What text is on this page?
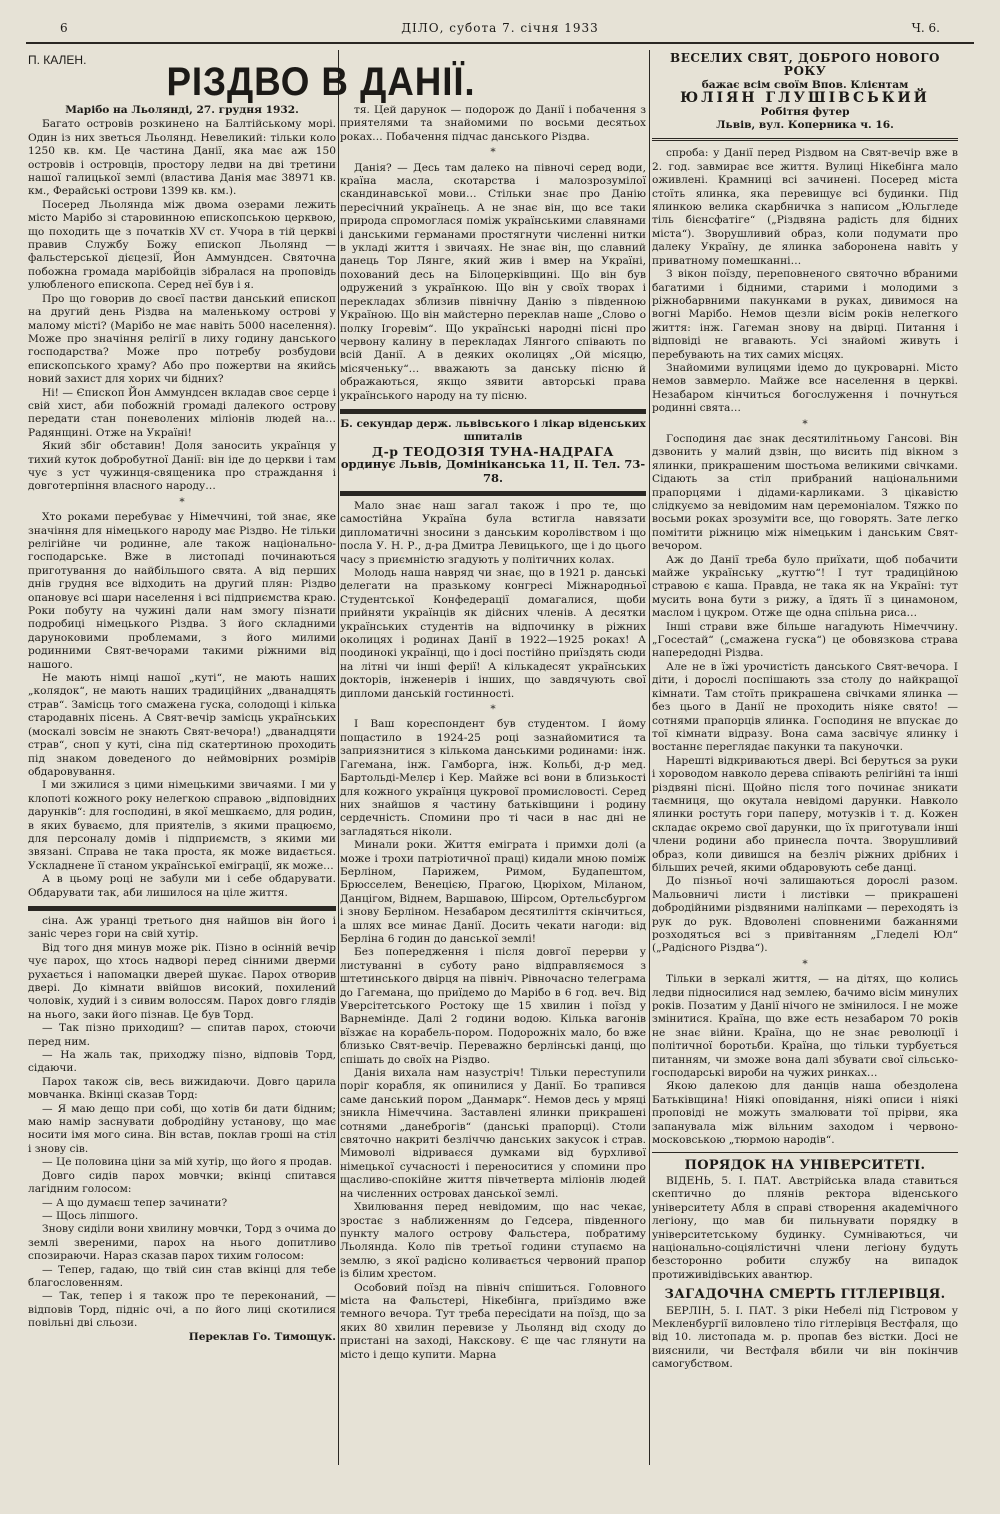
6	ДІЛО, субота 7. січня 1933	Ч. 6.
П. КАЛЕН. РІЗДВО В ДАНІЇ.

Марібо на Льолянді, 27. грудня 1932.

Багато островів розкинено на Балтійському морі. Один із них зветься Льолянд. Невеликий: тільки коло 1250 кв. км. Це частина Данії, яка має аж 150 островів і островців, простору ледви на дві третини нашої галицької землі (властива Данія має 38971 кв. км., Ферайські острови 1399 кв. км.).

Посеред Льолянда між двома озерами лежить місто Марібо зі старовинною епископською церквою, що походить ще з початків XV ст. Учора в тій церкві правив Службу Божу епископ Льолянд — фальстерської дієцезії, Йон Аммундсен. Святочна побожна громада марібойців зібралася на проповідь улюбленого епископа. Серед неї був і я.

Про що говорив до своєї пастви данський епископ на другий день Різдва на маленькому острові у малому місті? (Марібо не має навіть 5000 населення). Може про значіння релігії в лиху годину данського господарства? Може про потребу розбудови епископського храму? Або про пожертви на якийсь новий захист для хорих чи бідних?

Ні! — Єпископ Йон Аммундсен вкладав своє серце і свій хист, аби побожній громаді далекого острову передати стан поневолених міліонів людей на… Радянщині. Отже на Україні!

Який збіг обставин! Доля заносить українця у тихий куток добробутної Данії: він іде до церкви і там чує з уст чужинця-священика про страждання і довготерпіння власного народу…

*

Хто роками перебуває у Німеччині, той знає, яке значіння для німецького народу має Різдво. Не тільки релігійне чи родинне, але також національно-господарське. Вже в листопаді починаються приготування до найбільшого свята. А від перших днів грудня все відходить на другий плян: Різдво опановує всі шари населення і всі підприємства краю. Роки побуту на чужині дали нам змогу пізнати подробиці німецького Різдва. З його складними даруноковими проблемами, з його милими родинними Свят-вечорами такими ріжними від нашого.

Не мають німці нашої „куті“, не мають наших „колядок“, не мають наших традиційних „дванадцять страв“. Замісць того смажена гуска, солодощі і кілька стародавніх пісень. А Свят-вечір замісць українських (москалі зовсім не знають Свят-вечора!) „дванадцяти страв“, сноп у куті, сіна під скатертиною проходить під знаком доведеного до неймовірних розмірів обдаровування.

І ми зжилися з цими німецькими звичаями. І ми у клопоті кожного року нелегкою справою „відповідних дарунків“: для господині, в якої мешкаємо, для родин, в яких буваємо, для приятелів, з якими працюємо, для персоналу домів і підприємств, з якими ми звязані. Справа не така проста, як може видається. Ускладнене її станом української еміграції, як може…

А в цьому році не забули ми і себе обдарувати. Обдарувати так, аби лишилося на ціле життя.

сіна. Аж уранці третього дня найшов він його і заніс через гори на свій хутір.

Від того дня минув може рік. Пізно в осінній вечір чує парох, що хтось надворі перед сінними дверми рухається і напомацки дверей шукає. Парох отворив двері. До кімнати ввійшов високий, похилений чоловік, худий і з сивим волоссям. Парох довго глядів на нього, заки його пізнав. Це був Торд.

— Так пізно приходиш? — спитав парох, стоючи перед ним.

— На жаль так, приходжу пізно, відповів Торд, сідаючи.

Парох також сів, весь вижидаючи. Довго царила мовчанка. Вкінці сказав Торд:

— Я маю дещо при собі, що хотів би дати бідним; маю намір заснувати добродійну установу, що має носити імя мого сина. Він встав, поклав гроші на стіл і знову сів.

— Це половина ціни за мій хутір, що його я продав.

Довго сидів парох мовчки; вкінці спитався лагідним голосом:

— А що думаєш тепер зачинати?

— Щось ліпшого.

Знову сиділи вони хвилину мовчки, Торд з очима до землі звереними, парох на нього допитливо спозираючи. Нараз сказав парох тихим голосом:

— Тепер, гадаю, що твій син став вкінці для тебе благословенням.

— Так, тепер і я також про те переконаний, — відповів Торд, підніс очі, а по його лиці скотилися повільні дві сльози.

Переклав Го. Тимощук.

тя. Цей дарунок — подорож до Данії і побачення з приятелями та знайомими по восьми десятьох роках… Побачення підчас данського Різдва.

*

Данія? — Десь там далеко на півночі серед води, країна масла, скотарства і малозрозумілої скандинавської мови… Стільки знає про Данію пересічний українець. А не знає він, що все таки природа спромоглася поміж українськими славянами і данськими германами простягнути численні нитки в укладі життя і звичаях. Не знає він, що славний данець Тор Лянге, який жив і вмер на Україні, похований десь на Білоцерківщині. Що він був одружений з українкою. Що він у своїх творах і перекладах зблизив північну Данію з південною Україною. Що він майстерно переклав наше „Слово о полку Ігоревім“. Що українські народні пісні про червону калину в перекладах Лянгого співають по всій Данії. А в деяких околицях „Ой місяцю, місяченьку“… вважають за данську пісню й ображаються, якщо зявити авторські права українського народу на ту пісню.

Б. секундар держ. львівського і лікар віденських шпиталів
Д-р ТЕОДОЗІЯ ТУНА-НАДРАГА
ординує Львів, Домініканська 11, II. Тел. 73-78.

Мало знає наш загал також і про те, що самостійна Україна була встигла навязати дипломатичні зносини з данським королівством і що посла У. Н. Р., д-ра Дмитра Левицького, ще і до цього часу з приємністю згадують у політичних колах.

Молодь наша навряд чи знає, що в 1921 р. данські делегати на празькому конгресі Міжнародньої Студентської Конфедерації домагалися, щоби прийняти українців як дійсних членів. А десятки українських студентів на відпочинку в ріжних околицях і родинах Данії в 1922—1925 роках! А поодинокі українці, що і досі постійно приїздять сюди на літні чи інші ферії! А кількадесят українських докторів, інженерів і інших, що завдячують свої дипломи данській гостинності.

*

І Ваш кореспондент був студентом. І йому пощастило в 1924-25 році зазнайомитися та заприязнитися з кількома данськими родинами: інж. Гагемана, інж. Гамборга, інж. Кольбі, д-р мед. Бартольді-Мелєр і Кер. Майже всі вони в близькості для кожного українця цукрової промисловості. Серед них знайшов я частину батьківщини і родину сердечність. Спомини про ті часи в нас дні не загладяться ніколи.

Минали роки. Життя еміграта і примхи долі (а може і трохи патріотичної праці) кидали мною поміж Берліном, Парижем, Римом, Будапештом, Брюсселем, Венецією, Прагою, Цюріхом, Міланом, Данцігом, Віднем, Варшавою, Шірсом, Ортельсбургом і знову Берліном. Незабаром десятиліття скінчиться, а шлях все минає Данії. Досить чекати нагоди: від Берліна 6 годин до данської землі!

Без попередження і після довгої перерви у листуванні в суботу рано відправляємося з штетинського двірця на північ. Рівночасно телеграма до Гагемана, що приїдемо до Марібо в 6 год. веч. Від Уверсітетського Ростоку ще 15 хвилин і поїзд у Варнемінде. Далі 2 години водою. Кілька вагонів вїзжає на корабель-пором. Подорожніх мало, бо вже близько Свят-вечір. Переважно берлінські данці, що спішать до своїх на Різдво.

Данія вихала нам назустріч! Тільки переступили поріг корабля, як опинилися у Данії. Бо трапився саме данський пором „Данмарк“. Немов десь у мряці зникла Німеччина. Заставлені ялинки прикрашені сотнями „данеброгів“ (данські прапорці). Столи святочно накриті безліччю данських закусок і страв. Мимоволі відриваєся думками від бурхливої німецької сучасності і переноситися у спомини про щасливо-спокійне життя півчетверта міліонів людей на численних островах данської землі.

Хвилювання перед невідомим, що нас чекає, зростає з наближенням до Гедсера, південного пункту малого острову Фальстера, побратиму Льолянда. Коло пів третьої години ступаємо на землю, з якої радісно коливається червоний прапор із білим хрестом.

Особовий поїзд на північ спішиться. Головного міста на Фальстері, Нікебінга, приїздимо вже темного вечора. Тут треба пересідати на поїзд, що за яких 80 хвилин перевизе у Льолянд від сходу до пристані на заході, Накскову. Є ще час глянути на місто і дещо купити. Марна

ВЕСЕЛИХ СВЯТ, ДОБРОГО НОВОГО РОКУ
бажає всім своїм Впов. Клієнтам
ЮЛІЯН ГЛУШІВСЬКИЙ
Робітня футер
Львів, вул. Коперника ч. 16.

спроба: у Данії перед Різдвом на Свят-вечір вже в 2. год. завмирає все життя. Вулиці Нікебінга мало оживлені. Крамниці всі зачинені. Посеред міста стоїть ялинка, яка перевищує всі будинки. Під ялинкою велика скарбничка з написом „Юльгледе тіль бієнсфатіге“ („Різдвяна радість для бідних міста“). Зворушливий образ, коли подумати про далеку Україну, де ялинка заборонена навіть у приватному помешканні…

З вікон поїзду, переповненого святочно вбраними багатими і бідними, старими і молодими з ріжнобарвними пакунками в руках, дивимося на вогні Марібо. Немов щезли вісім років нелегкого життя: інж. Гагеман знову на двірці. Питання і відповіді не вгавають. Усі знайомі живуть і перебувають на тих самих місцях.

Знайомими вулицями ідемо до цукроварні. Місто немов завмерло. Майже все населення в церкві. Незабаром кінчиться богослуження і почнуться родинні свята…

*

Господиня дає знак десятилітньому Гансові. Він дзвонить у малий дзвін, що висить під вікном з ялинки, прикрашеним шостьома великими свічками. Сідають за стіл прибраний національними прапорцями і дідами-карликами. З цікавістю слідкуємо за невідомим нам церемоніалом. Тяжко по восьми роках зрозуміти все, що говорять. Затe легко помітити ріжницю між німецьким і данським Свят-вечором.

Аж до Данії треба було приїхати, щоб побачити майже українську „куттю“! І тут традиційною стравою є каша. Правда, не така як на Україні: тут мусить вона бути з рижу, а їдять її з цинамоном, маслом і цукром. Отже ще одна спільна риса…

Інші страви вже більше нагадують Німеччину. „Госестай“ („смажена гуска“) це обовязкова страва напередодні Різдва.

Але не в їжі урочистість данського Свят-вечора. І діти, і дорослі поспішають зза столу до найкращої кімнати. Там стоїть прикрашена свічками ялинка — без цього в Данії не проходить ніяке свято! — сотнями прапорців ялинка. Господиня не впускає до тої кімнати відразу. Вона сама засвічує ялинку і востаннє переглядає пакунки та пакуночки.

Нарешті відкриваються двері. Всі беруться за руки і хороводом навколо дерева співають релігійні та інші різдвяні пісні. Щойно після того починає зникати таємниця, що окутала невідомі дарунки. Навколо ялинки ростуть гори паперу, мотузків і т. д. Кожен складає окремо свої дарунки, що їх приготували інші члени родини або принесла почта. Зворушливий образ, коли дивишся на безліч ріжних дрібних і більших речей, якими обдаровують себе данці.

До пізньої ночі залишаються дорослі разом. Мальовничі листи і листівки — прикрашені добродійними різдвяними наліпками — переходять із рук до рук. Вдоволені сповненими бажаннями розходяться всі з привітанням „Гледелі Юл“ („Радісного Різдва“).

*

Тільки в зеркалі життя, — на дітях, що колись ледви підносилися над землею, бачимо вісім минулих років. Позатим у Данії нічого не змінилося. І не може змінитися. Країна, що вже есть незабаром 70 років не знає війни. Країна, що не знає революції і політичної боротьби. Країна, що тільки турбується питанням, чи зможе вона далі збувати свої сільсько-господарські вироби на чужих ринках…

Якою далекою для данців наша обездолена Батьківщина! Ніякі оповідання, ніякі описи і ніякі проповіді не можуть змалювати тої прірви, яка запанувала між вільним заходом і червоно-московською „тюрмою народів“.

ПОРЯДОК НА УНІВЕРСИТЕТІ.

ВІДЕНЬ, 5. І. ПАТ. Австрійська влада ставиться скептично до плянів ректора віденського університету Абля в справі створення академічного легіону, що мав би пильнувати порядку в університетському будинку. Сумніваються, чи національно-соціялістичні члени легіону будуть безсторонно робити службу на випадок протиживідівських авантюр.

ЗАГАДОЧНА СМЕРТЬ ГІТЛЕРІВЦЯ.

БЕРЛІН, 5. І. ПАТ. З ріки Небелі під Гістровом у Мекленбургії виловлено тіло гітлерівця Вестфаля, що від 10. листопада м. р. пропав без вістки. Досі не вияснили, чи Вестфаля вбили чи він покінчив самогубством.
